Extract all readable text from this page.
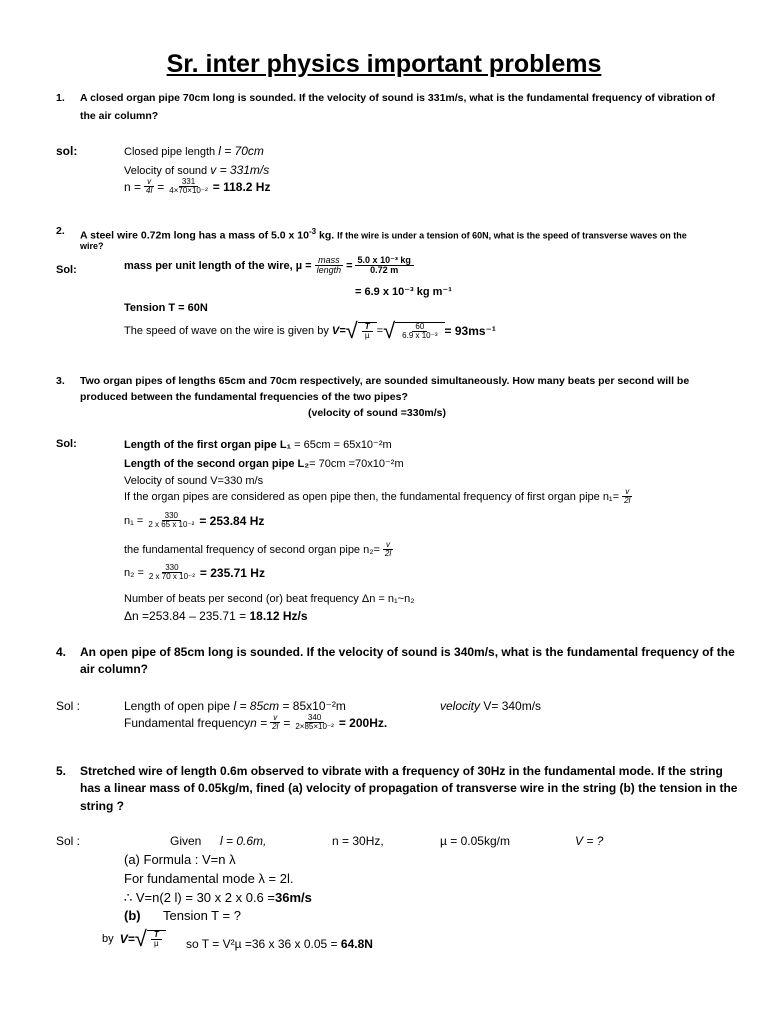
Sr. inter physics important problems
1. A closed organ pipe 70cm long is sounded. If the velocity of sound is 331m/s, what is the fundamental frequency of vibration of
the air column?
sol:	Closed pipe length l = 70cm
Velocity of sound v = 331m/s
$n = \frac{v}{4l} = \frac{331}{\text{4×70×10⁻²}} = 118.2$ Hz
2. A steel wire 0.72m long has a mass of 5.0 x $10^{-3}$ kg. If the wire is under a tension of 60N, what is the speed of transverse waves on the
wire?
Sol:	mass per unit length of the wire, $\mu = \frac{\text{mass}}{\text{length}} = \frac{\text{5.0 x 10⁻³ kg}}{0.72 m}$
= 6.9 x 10⁻³ kg m⁻¹
Tension T = 60N
The speed of wave on the wire is given by
V= √ $\frac{T}{\text{µ}}$ = √ $\frac{60}{\text{6.9 x 10⁻³}} = 93ms^{-1}$
3. Two organ pipes of lengths 65cm and 70cm respectively, are sounded simultaneously. How many beats per second will be
produced between the fundamental frequencies of the two pipes?
(velocity of sound =330m/s)
Sol:	Length of the first organ pipe L₁ = 65cm = 65x10⁻²m
Length of the second organ pipe L₂= 70cm =70x10⁻²m
Velocity of sound V=330 m/s
If the organ pipes are considered as open pipe then, the fundamental frequency of first organ pipe $n_1= \frac{v}{2l}$
$n_1 = \frac{330}{\text{2 x 65 x 10⁻²}} = 253.84$ Hz
the fundamental frequency of second organ pipe $n_2= \frac{v}{2l}$
$n_2 = \frac{330}{\text{2 x 70 x 10⁻²}} = 235.71$ Hz
Number of beats per second (or) beat frequency Δn = n₁~n₂
Δn =253.84 – 235.71 = 18.12 Hz/s
4. An open pipe of 85cm long is sounded. If the velocity of sound is 340m/s, what is the fundamental frequency of the
air column?
Sol :	Length of open pipe l = 85cm = 85x10⁻²m	velocity V= 340m/s
Fundamental frequency $n = \frac{v}{2l} = \frac{340}{\text{2×85×10⁻²}} = 200Hz$.
5. Stretched wire of length 0.6m observed to vibrate with a frequency of 30Hz in the fundamental mode. If the string
has a linear mass of 0.05kg/m, fined (a) velocity of propagation of transverse wire in the string (b) the tension in the
string ?
Sol :	Given l = 0.6m,	n = 30Hz,	µ = 0.05kg/m	V = ?
(a) Formula : V=n λ
For fundamental mode λ = 2l.
∴ V=n(2 l) = 30 x 2 x 0.6 =36m/s
(b) Tension T = ?
by
V= √ $\frac{T}{\text{µ}}$ so T = V²µ =36 x 36 x 0.05 = 64.8N
